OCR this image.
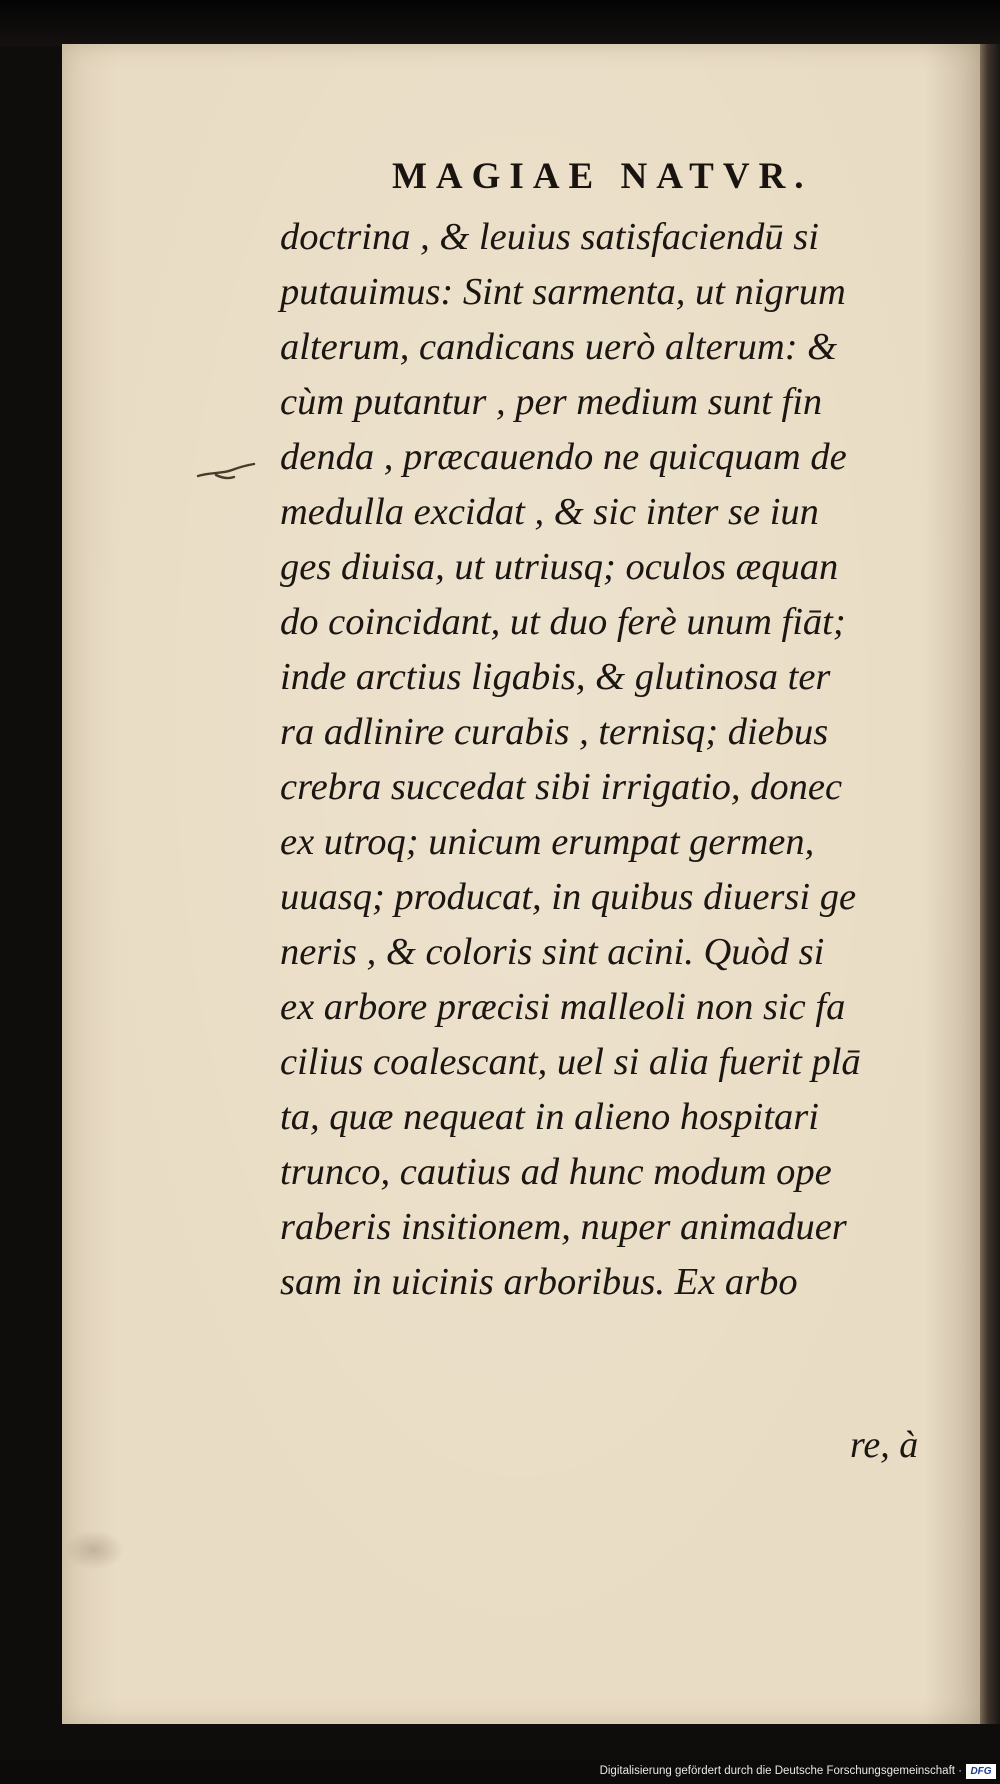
MAGIAE NATVR.
doctrina , & leuius satisfaciendū si
putauimus: Sint sarmenta, ut nigrum
alterum, candicans uerò alterum: &
cùm putantur , per medium sunt fin
denda , præcauendo ne quicquam de
medulla excidat , & sic inter se iun
ges diuisa, ut utriusq; oculos æquan
do coincidant, ut duo ferè unum fiāt;
inde arctius ligabis, & glutinosa ter
ra adlinire curabis , ternisq; diebus
crebra succedat sibi irrigatio, donec
ex utroq; unicum erumpat germen,
uuasq; producat, in quibus diuersi ge
neris , & coloris sint acini. Quòd si
ex arbore præcisi malleoli non sic fa
cilius coalescant, uel si alia fuerit plā
ta, quæ nequeat in alieno hospitari
trunco, cautius ad hunc modum ope
raberis insitionem, nuper animaduer
sam in uicinis arboribus. Ex arbo
re, à
Digitalisierung gefördert durch die Deutsche Forschungsgemeinschaft · DFG
